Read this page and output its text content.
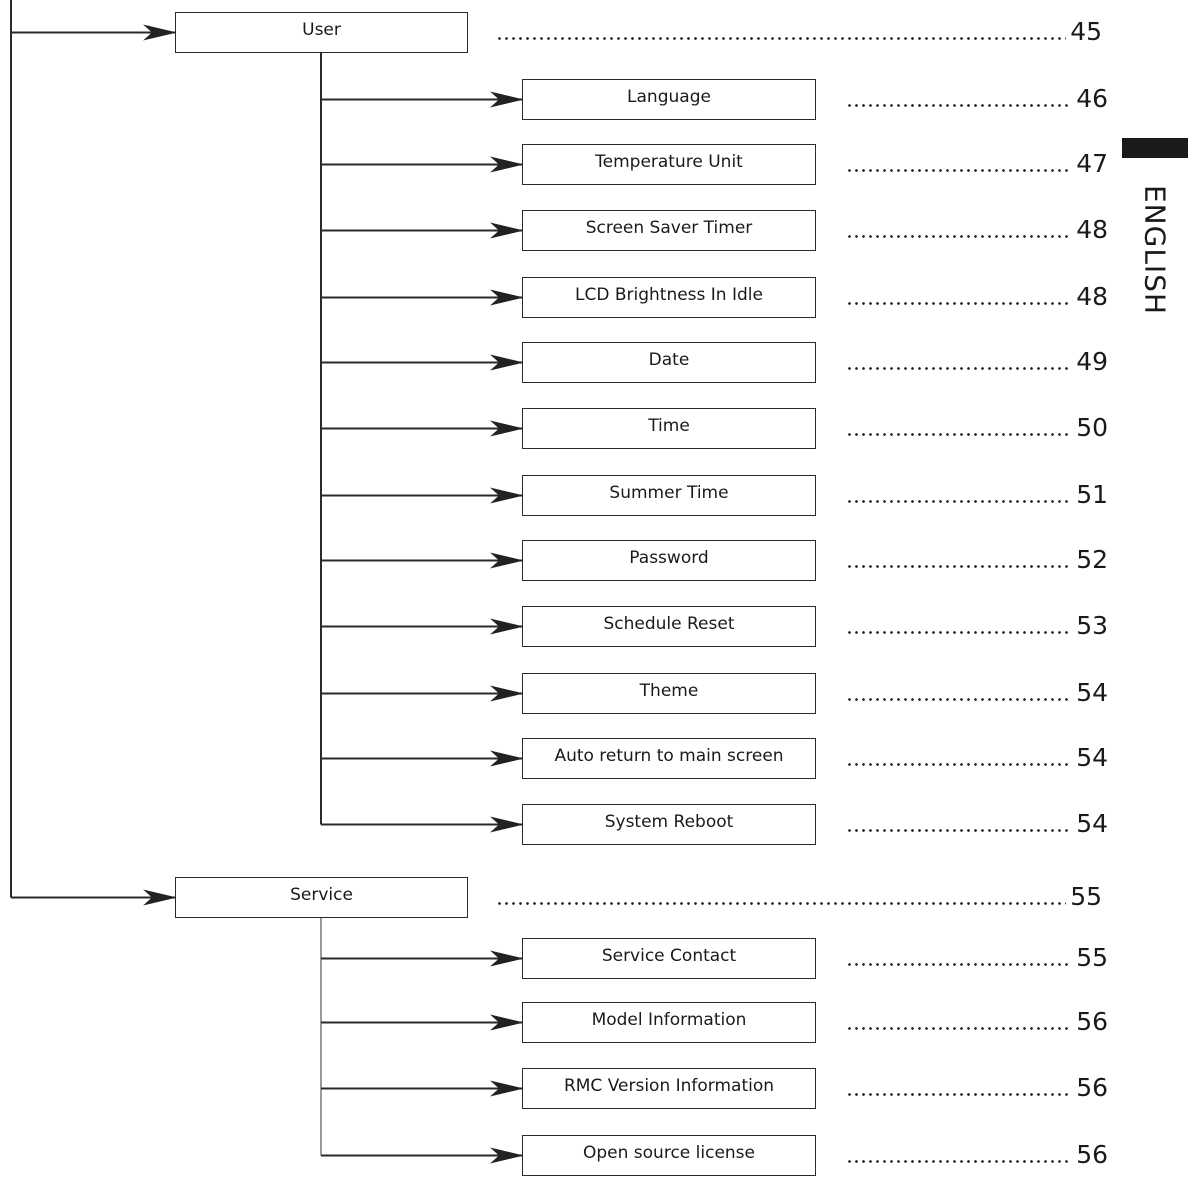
User	45
Language	46
Temperature Unit	47
Screen Saver Timer	48
LCD Brightness In Idle	48
Date	49
Time	50
Summer Time	51
Password	52
Schedule Reset	53
Theme	54
Auto return to main screen	54
System Reboot	54
Service	55
Service Contact	55
Model Information	56
RMC Version Information	56
Open source license	56
ENGLISH
